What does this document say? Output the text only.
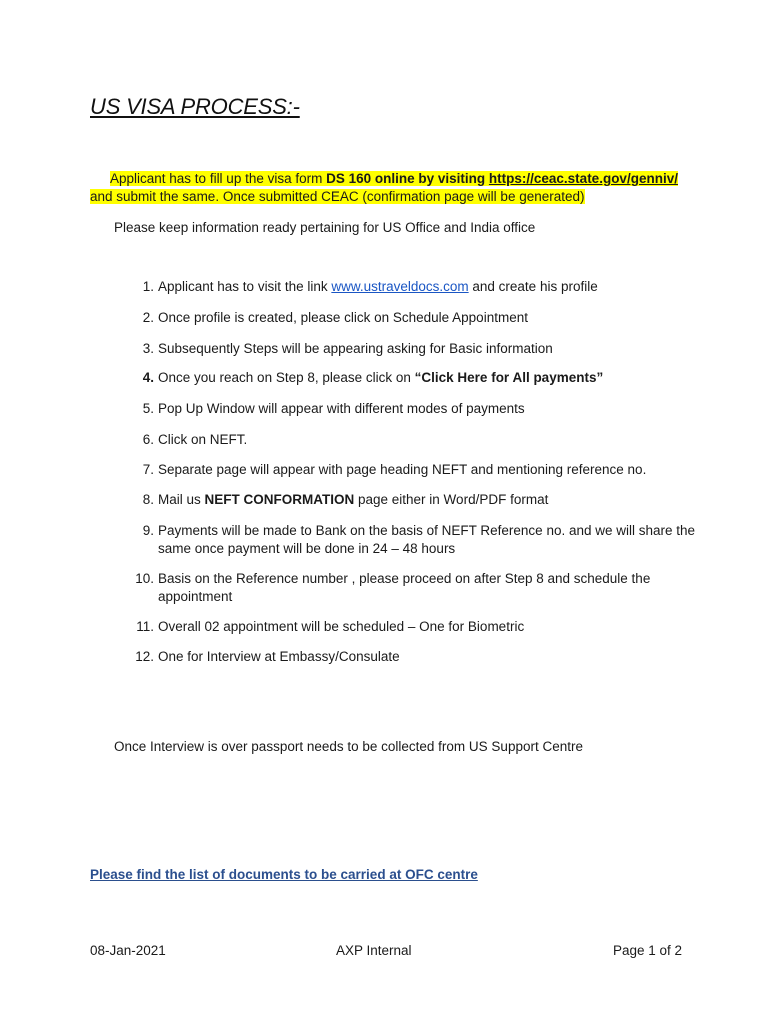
US VISA PROCESS:-
Applicant has to fill up the visa form DS 160 online by visiting https://ceac.state.gov/genniv/
and submit the same. Once submitted CEAC (confirmation page will be generated)
Please keep information ready pertaining for US Office and India office
1. Applicant has to visit the link www.ustraveldocs.com and create his profile
2. Once profile is created, please click on Schedule Appointment
3. Subsequently Steps will be appearing asking for Basic information
4. Once you reach on Step 8, please click on “Click Here for All payments”
5. Pop Up Window will appear with different modes of payments
6. Click on NEFT.
7. Separate page will appear with page heading NEFT and mentioning reference no.
8. Mail us NEFT CONFORMATION page either in Word/PDF format
9. Payments will be made to Bank on the basis of NEFT Reference no. and we will share the same once payment will be done in 24 – 48 hours
10. Basis on the Reference number , please proceed on after Step 8 and schedule the appointment
11. Overall 02 appointment will be scheduled – One for Biometric
12. One for Interview at Embassy/Consulate
Once Interview is over passport needs to be collected from US Support Centre
Please find the list of documents to be carried at OFC centre
08-Jan-2021	AXP Internal	Page 1 of 2
